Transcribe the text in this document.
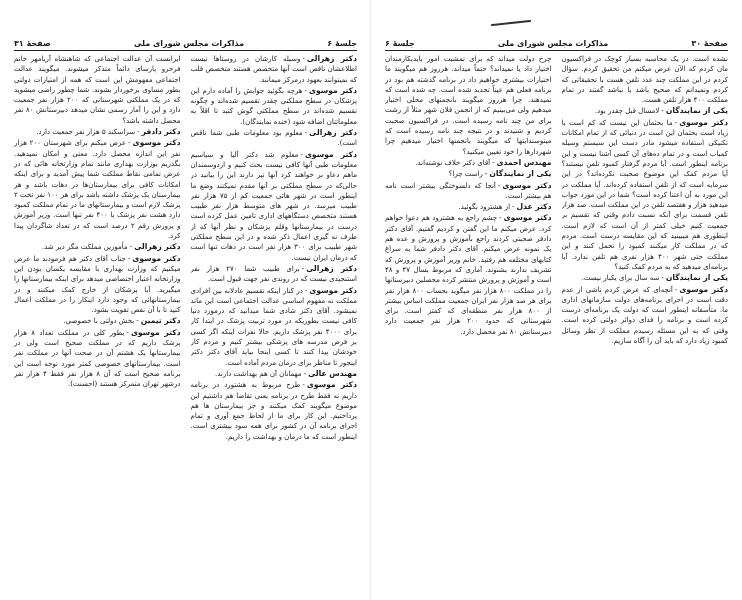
جلسهٔ ۶
مذاکرات مجلس شورای ملی
صفحهٔ ۳۱

دکتر زهرالی-وسیله کارشان در روستاها نیست اطلاعشان ناقص است آنها متخصص هستند متخصص قلب که نمیتوانند بعهود درمرکز میمانند.

دکتر موسوی-هرچه بگوئید جوابش را آماده دارم این پزشکان در سطح مملکتی چقدر تقسیم شده‌اند و چگونه تقسیم شده‌اند در سطح مملکتی گوش کنید تا اقلاً به معلوماتتان اضافه شود (خنده نمایندگان).

دکتر زهرالی-معلوم بود معلومات طبی شما ناقص است).

دکتر موسوی-معلوم شد دکتر آلیا و سیاسیم معلومات طبی آنها کافی نیست بحث کنیم و اردوسمندان ماهم دعاو بر خواهند کرد آنها نیز دارند این را بیانید در حالی‌که در سطح مملکتی بر آنها مقدم نمیکنند وضع ما اینطور است در شهر هائی جمعیت کم از ۷۵ هزار نفر طبیب میرسد. در شهر های متوسط هزار نفر طبیب هستند متخصص دستگاههای اداری تامین عمل کرده است درست در بیمارستانها وقلم پزشکان و نظر آنها که از طرف نه گیری اعمال ذکر شده و در این سطح مملکتی شهر طبیب برای ۳۰۰ هزار نفر است در دهات تنها است که درمان ایران نیست.

دکتر زهرالی-برای طبیب شما ۲۷۰ هزار نفر استنجیدی نیست که در روندی نفر جهت قبول است.

دکتر موسوی-در کنار اینکه تقسیم عادلانه بین افرادی مملکت نه مفهوم اساسی عدالت اجتماعی است این ماند نمیشود. آقای دکتر شادی شما میدانید که درمورد دنیا کافی نیست بطوریکه در مورد تربیت پزشک در ابتدا کار برای ۴۰۰۰ نفر پزشک داریم. حالا نفرات اینکه اگر کسی بر فرض مدرسه های پزشکی بیشتر کنیم و مردم کار خودشان پیدا کنند تا کسی اینجا بیاید آقای دکتر دکتر اینجور تا مناظر برای درمان مردم آماده است.

مهندس عالی-مهمانان آن هم بهداشت دارند.

دکتر موسوی-طرح مربوط به هشتورد در برنامه داریم نه فقط طرح در برنامه یعنی تقاضا هم داشتیم این موضوع میگویند کمک میکنند و جز بیمارستان ها هم پرداختیم. این کار برای ما از لحاظ جمع آوری و تمام اجرای برنامه آن در کشور برای همه سود بیشتری است. اینطور است که ما درمان و بهداشت را داریم.

ایرانست آن عدالت اجتماعی که شاهنشاه آریامهر خانم فرخرو پارسای دائماً متذکر میشوند. میگویند عدالت اجتماعی مفهومش این است که همه از امتیازات دولتی بطور مساوی برخوردار بشوند. شما چطور راضی میشوید که در یک مملکتی شهرستانی که ۲۰۰ هزار نفر جمعیت دارد و این را آمار رسمی نشان میدهد دبیرستانش ۸۰ نفر محصل داشته باشد؟

دکتر دادفر-سراسکند ۵ هزار نفر جمعیت دارد.

دکتر موسوی-عرض میکنم برای شهرستان ۲۰۰ هزار نفر این اندازه محصل دارد. معنی و امکان نمیدهید. بگذریم بوزارت بهداری مانند تمام وزارتخانه هائی که در عرض تمامی نقاط مملکت شما پیش آمدید و برای اینکه امکانات کافی برای بیمارستان‌ها در دهات باشد و هر بیمارستان یک پزشک داشته باشد برای هر ۱۰۰ نفر تخت ۲ پزشک لازم است و بیمارستانهای ما در تمام مملکت کمبود دارد هشت نفر پزشک یا ۴۰۰ نفر تنها است. وزیر آموزش و پرورش رقم ۲ درصد است که در تعداد شاگردان پیدا کرد.

دکتر زهرالی-مأمورین مملکت مگر دیر شد.

دکتر موسوی-جناب آقای دکتر هم فرمودند ما عرض میکنیم که وزارت بهداری با مقایسه یکسان بودن این وزارتخانه اعتبار اختصاصی میدهد برای اینکه بیمارستانها را میگیرید. آیا پزشکان از خارج کمک میکنند و در بیمارستانهائی که وجود دارد اینکار را در مملکت اعمال کنید تا با آن نقص تقویت بشود.

دکتر تیمین-بخش دولتی با خصوصی.

دکتر موسوی-بطور کلی در مملکت تعداد ۸ هزار پزشک داریم که در مملکت صحیح است ولی در بیمارستانها یک هشتم آن در صحت آنها در مملکت نفر است. بیمارستانهای خصوصی کمتر مورد توجه است این برنامه صحیح است که آن ۸ هزار نفر فقط ۴ هزار نفر درشهر تهران متمرکز هستند (احسنت).

صفحهٔ ۳۰
مذاکرات مجلس شورای ملی
جلسهٔ ۶

نشده است. در یک محاسبه بسیار کوچک در فراکسیون مان کردم که الآن عرض میکنم من تحقیق کردم. سؤال کردم در این مملکت چند عدد تلفن هست با تحقیقاتی که کردم ونمیدانم که صحیح باشد یا نباشد گفتند در تمام مملکت ۴۰۰ هزار تلفن هست.

یکی از نمایندگان-لامسال قبل چقدر بود.

دکتر موسوی-ما بحثمان این نیست که کم است یا زیاد است بحثمان این است در دنیائی که از تمام امکانات تکنیکی استفاده میشود مادر دست این سیستم وسیله کمیاب است و در تمام ده‌های آن کسی آشنا نیست و این برنامه اینطور است. آیا مردم گرفتار کمبود تلفن نیستند؟ آیا مردم کمک این موضوع صحبت نکرده‌اند؟ در این سرمایه است که از تلفن استفاده کرده‌اند. آیا مملکت در این مورد به آن اعتنا کرده است؟ شما در این مورد جواب میدهید هزار و هفتصد تلفن در این مملکت است. صد هزار تلفن قسمت برای آنکه نسبت دادم وقتی که تقسیم بر جمعیت کنیم خیلی کمتر از آن است که لازم است. اینطوری هم میبینید که این مقایسه درست است. مردم که در مملکت کار میکنند کمبود را تحمل کنند و این مملکت حتی شهر ۴۰۰ هزار نفری هم تلفن ندارد. آیا برنامه‌ای میدهید که به مردم کمک کنید؟

یکی از نمایندگان-سه سال برای یکبار نیست.

دکتر موسوی-آنچه‌ای که عرض کردم ناشی از عدم دقت است در اجرای برنامه‌های دولت سازمانهای اداری ما. متأسفانه اینطور است که دولت یک برنامه‌ای درست کرده است و برنامه را فدای دوائر دولتی کرده است. وقتی که به این مسئله رسیدم مملکت از نظر وسائل کمبود زیاد دارد که باید آن را آگاه سازیم.

چرخ دولت میداند که برای تمشیت امور بایدبکارمندان اختیار داد یا نمیداند؟ حتماً میداند. هرروز هم میگویند ما اختیارات بیشتری خواهیم داد در برنامه گذشته هم بود در برنامه فعلی هم عیناً تجدید شده است. چه شده است که نمیدهند. چرا هرروز میگویند بانجمنهای محلی اختیار میدهیم ولی می‌بینیم که از انجمن فلان شهر مثلاً از رشت برای من چند نامه رسیده است. در فراکسیون صحبت کردیم و شنیدند و در نتیجه چند نامه رسیده است که میتوسندایتها که میگویند بانجمنها اختیار میدهیم چرا شهردارها را خود تعیین میکنید؟

مهندس احمدی-آقای دکتر خلاف نوشته‌اند.

یکی از نمایندگان-راست چرا؟

دکتر موسوی-آنجا که دلسوختگی بیشتر است نامه هم بیشتر است.

دکتر عدل-از هشترود بگوئید.

دکتر موسوی-چشم راجع به هشترود هم دعوا خواهم کرد. عرض میکنم ما این گفتن و کردیم گفتیم. آقای دکتر دادفر صحبتی کردند راجع بآموزش و پرورش و عده هم یک نمونه عرض میکنم. آقای دکتر دادفر شما به سراغ کتابهای مختلفه هم رفتید. خانم وزیر آموزش و پرورش که تشریف ندارند بشنوند. آماری که مربوط بسال ۴۷ و ۴۸ است و آموزش و پرورش منتشر کرده محصلین دبیرستانها را در مملکت ۸۰۰ هزار نفر میگوید بحساب ۸۰۰ هزار نفر برای هر صد هزار نفر ایران جمعیت مملکت اساس بیشتر از ۸۰۰ هزار نفر منطقه‌ای که کمتر است. برای شهرستانی که حدود ۲۰۰ هزار نفر جمعیت دارد دبیرستانش ۸۰ نفر محصل دارد.
